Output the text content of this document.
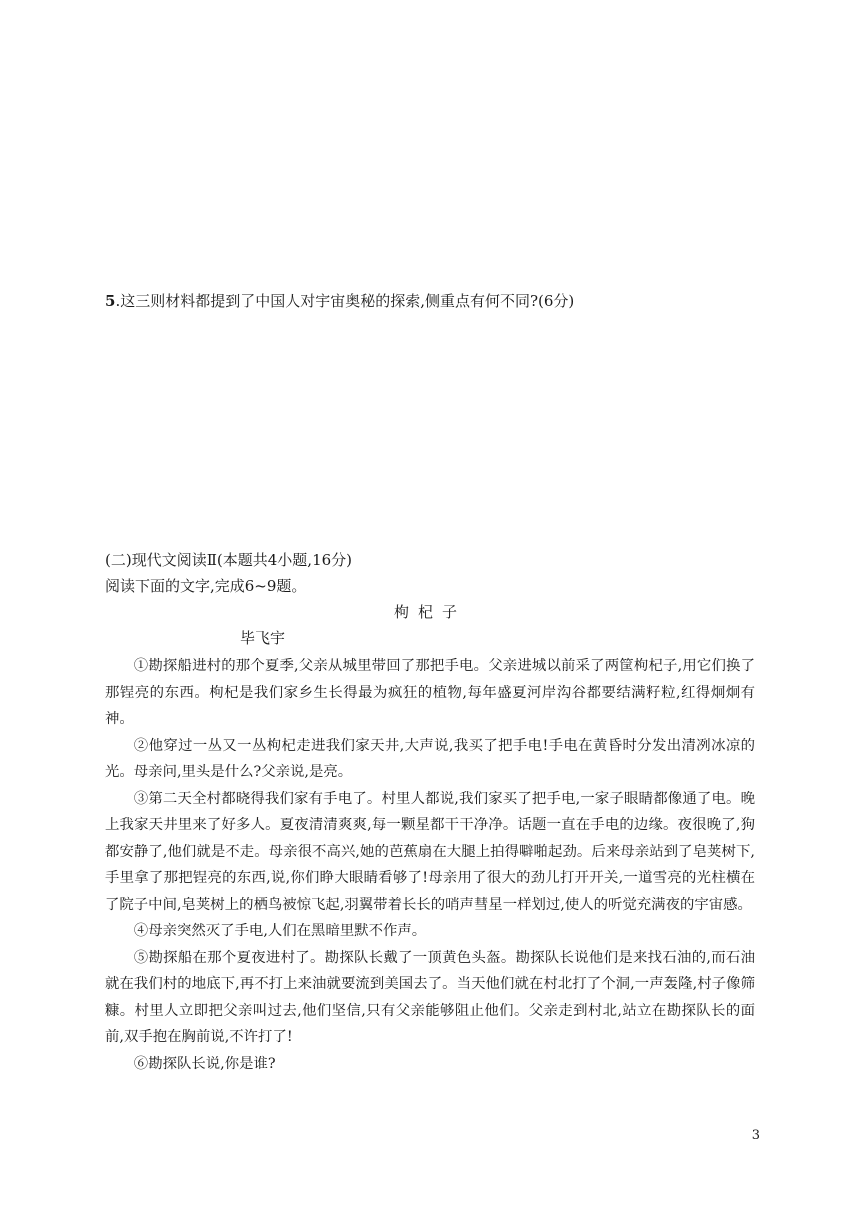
5.这三则材料都提到了中国人对宇宙奥秘的探索,侧重点有何不同?(6分)
(二)现代文阅读Ⅱ(本题共4小题,16分)
阅读下面的文字,完成6~9题。
枸杞子
毕飞宇

①勘探船进村的那个夏季,父亲从城里带回了那把手电。父亲进城以前采了两筐枸杞子,用它们换了那锃亮的东西。枸杞是我们家乡生长得最为疯狂的植物,每年盛夏河岸沟谷都要结满籽粒,红得炯炯有神。

②他穿过一丛又一丛枸杞走进我们家天井,大声说,我买了把手电!手电在黄昏时分发出清冽冰凉的光。母亲问,里头是什么?父亲说,是亮。

③第二天全村都晓得我们家有手电了。村里人都说,我们家买了把手电,一家子眼睛都像通了电。晚上我家天井里来了好多人。夏夜清清爽爽,每一颗星都干干净净。话题一直在手电的边缘。夜很晚了,狗都安静了,他们就是不走。母亲很不高兴,她的芭蕉扇在大腿上拍得噼啪起劲。后来母亲站到了皂荚树下,手里拿了那把锃亮的东西,说,你们睁大眼睛看够了!母亲用了很大的劲儿打开开关,一道雪亮的光柱横在了院子中间,皂荚树上的栖鸟被惊飞起,羽翼带着长长的哨声彗星一样划过,使人的听觉充满夜的宇宙感。

④母亲突然灭了手电,人们在黑暗里默不作声。

⑤勘探船在那个夏夜进村了。勘探队长戴了一顶黄色头盔。勘探队长说他们是来找石油的,而石油就在我们村的地底下,再不打上来油就要流到美国去了。当天他们就在村北打了个洞,一声轰隆,村子像筛糠。村里人立即把父亲叫过去,他们坚信,只有父亲能够阻止他们。父亲走到村北,站立在勘探队长的面前,双手抱在胸前说,不许打了!

⑥勘探队长说,你是谁?

3
